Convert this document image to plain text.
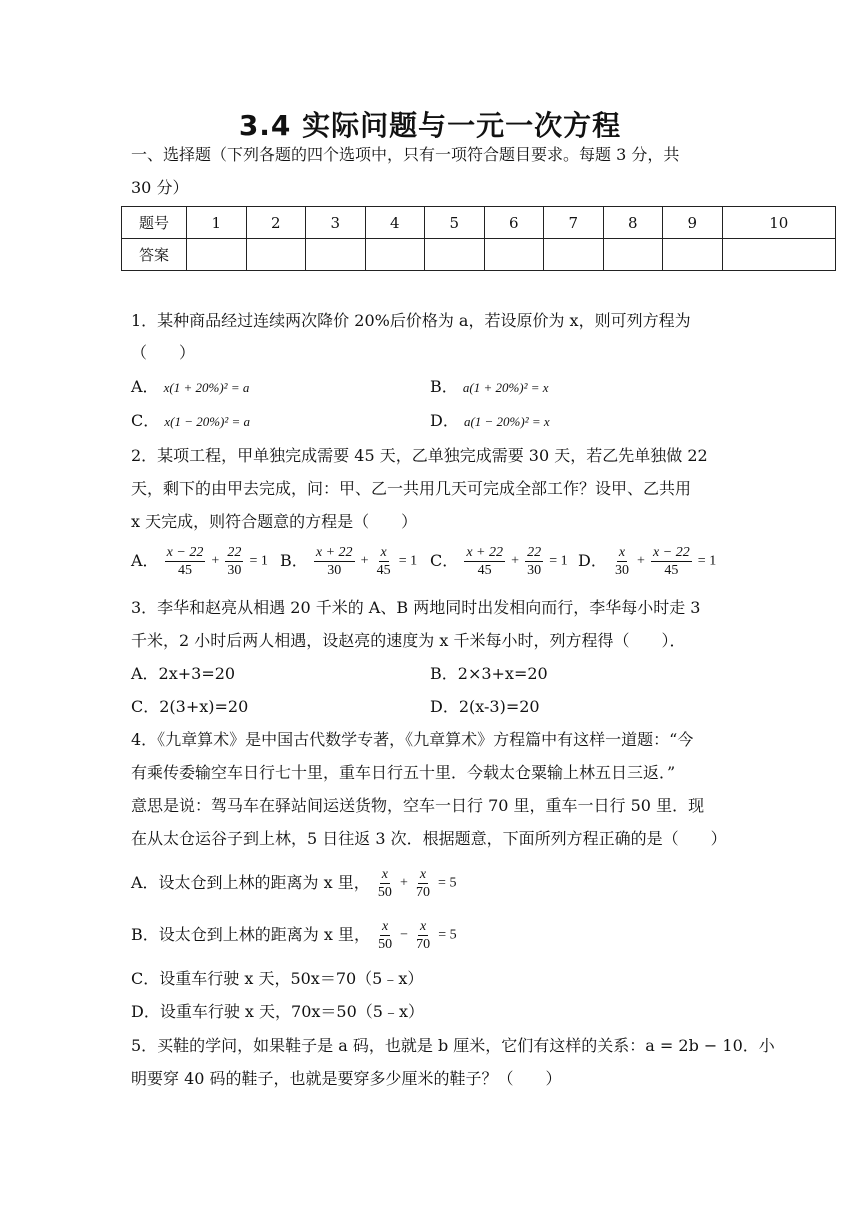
3.4 实际问题与一元一次方程
一、选择题（下列各题的四个选项中，只有一项符合题目要求。每题 3 分，共
30 分）
题号	1	2	3	4	5	6	7	8	9	10
答案										
1．某种商品经过连续两次降价 20%后价格为 a，若设原价为 x，则可列方程为
（　　）
A． x(1 + 20%)² = a	B． a(1 + 20%)² = x
C． x(1 − 20%)² = a	D． a(1 − 20%)² = x
2．某项工程，甲单独完成需要 45 天，乙单独完成需要 30 天，若乙先单独做 22
天，剩下的由甲去完成，问：甲、乙一共用几天可完成全部工作？设甲、乙共用
x 天完成，则符合题意的方程是（　　）
A． $\frac{x - 22}{45} + \frac{22}{30} = 1$ B． $\frac{x + 22}{30} + \frac{x}{45} = 1$ C． $\frac{x + 22}{45} + \frac{22}{30} = 1$ D． $\frac{x}{30} + \frac{x - 22}{45} = 1$
3．李华和赵亮从相遇 20 千米的 A、B 两地同时出发相向而行，李华每小时走 3
千米，2 小时后两人相遇，设赵亮的速度为 x 千米每小时，列方程得（　　）．
A．2x+3=20	B．2×3+x=20
C．2(3+x)=20	D．2(x-3)=20
4．《九章算术》是中国古代数学专著，《九章算术》方程篇中有这样一道题：“今
有乘传委输空车日行七十里，重车日行五十里．今载太仓粟输上林五日三返．”
意思是说：驾马车在驿站间运送货物，空车一日行 70 里，重车一日行 50 里．现
在从太仓运谷子到上林，5 日往返 3 次．根据题意，下面所列方程正确的是（　　）
A．设太仓到上林的距离为 x 里， $\frac{x}{50} + \frac{x}{70} = 5$
B．设太仓到上林的距离为 x 里， $\frac{x}{50} - \frac{x}{70} = 5$
C．设重车行驶 x 天，50x＝70（5﹣x）
D．设重车行驶 x 天，70x＝50（5﹣x）
5．买鞋的学问，如果鞋子是 a 码，也就是 b 厘米，它们有这样的关系：a = 2b − 10．小
明要穿 40 码的鞋子，也就是要穿多少厘米的鞋子？（　　）
